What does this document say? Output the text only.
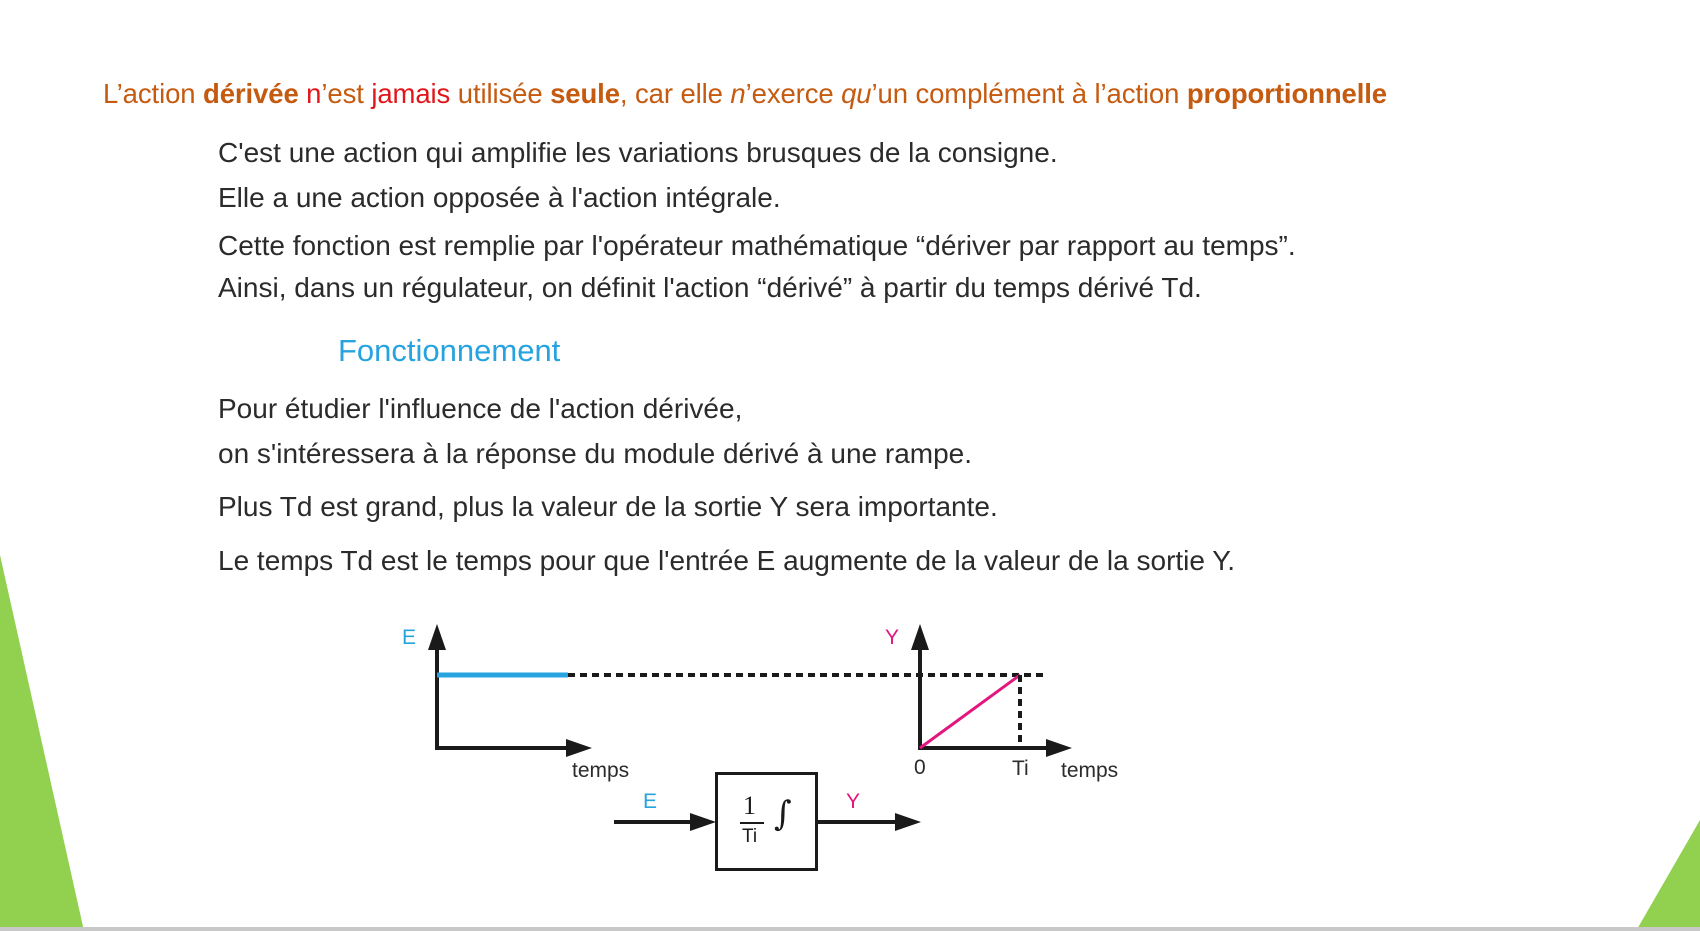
L’action dérivée n’est jamais utilisée seule, car elle n’exerce qu’un complément à l’action proportionnelle
C'est une action qui amplifie les variations brusques de la consigne.
Elle a une action opposée à l'action intégrale.
Cette fonction est remplie par l'opérateur mathématique “dériver par rapport au temps”.
Ainsi, dans un régulateur, on définit l'action “dérivé” à partir du temps dérivé Td.
Fonctionnement
Pour étudier l'influence de l'action dérivée,
on s'intéressera à la réponse du module dérivé à une rampe.
Plus Td est grand, plus la valeur de la sortie Y sera importante.
Le temps Td est le temps pour que l'entrée E augmente de la valeur de la sortie Y.
E
temps
Y
0	Ti temps
E	Y
1
Ti
∫
